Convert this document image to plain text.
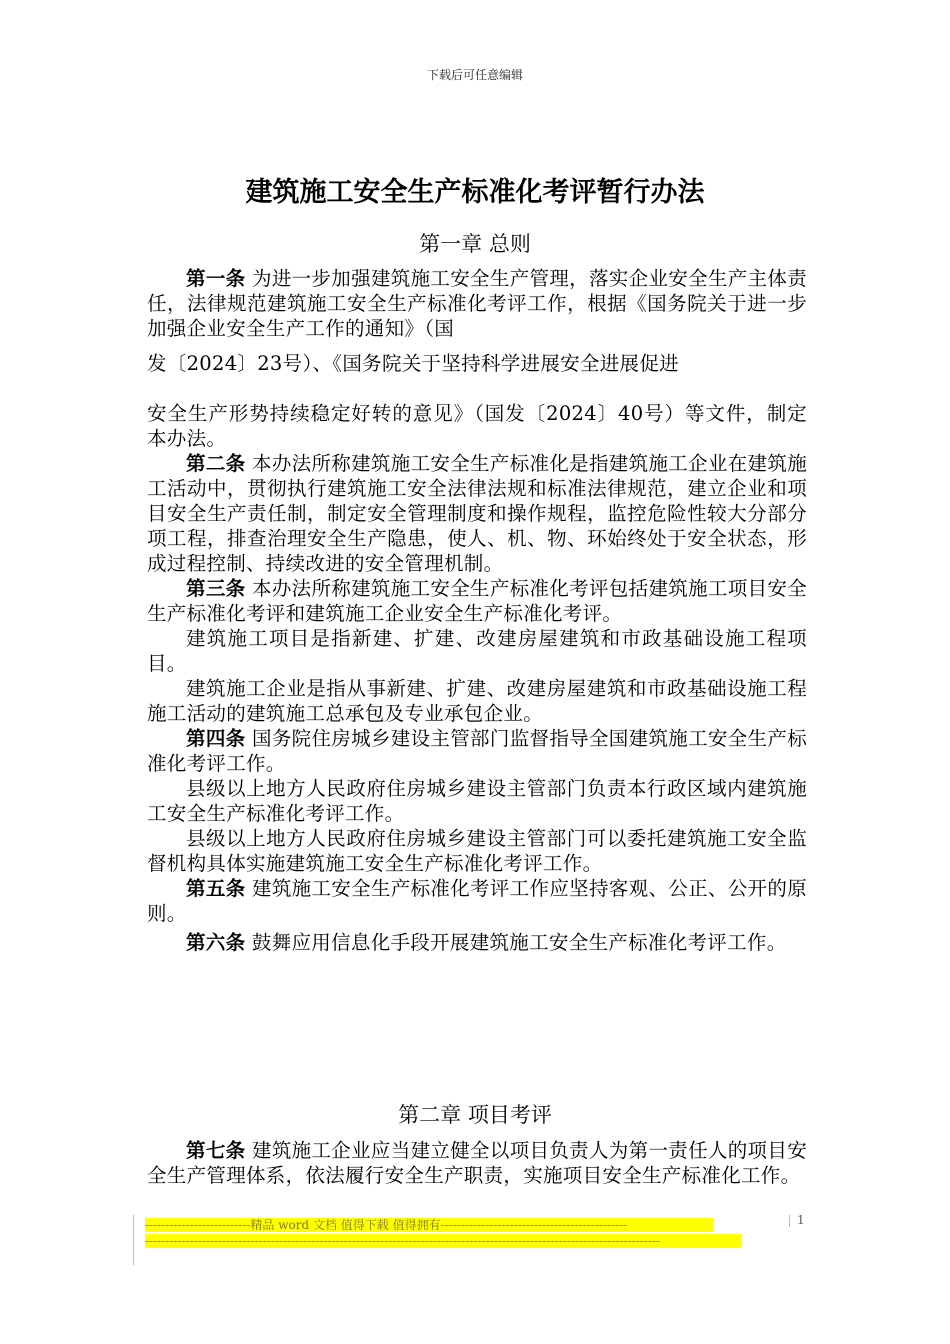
下载后可任意编辑
建筑施工安全生产标准化考评暂行办法
第一章 总则

第一条 为进一步加强建筑施工安全生产管理，落实企业安全生产主体责任，法律规范建筑施工安全生产标准化考评工作，根据《国务院关于进一步加强企业安全生产工作的通知》（国

发〔2024〕23号）、《国务院关于坚持科学进展安全进展促进

安全生产形势持续稳定好转的意见》（国发〔2024〕40号）等文件，制定本办法。

第二条 本办法所称建筑施工安全生产标准化是指建筑施工企业在建筑施工活动中，贯彻执行建筑施工安全法律法规和标准法律规范，建立企业和项目安全生产责任制，制定安全管理制度和操作规程，监控危险性较大分部分项工程，排查治理安全生产隐患，使人、机、物、环始终处于安全状态，形成过程控制、持续改进的安全管理机制。

第三条 本办法所称建筑施工安全生产标准化考评包括建筑施工项目安全生产标准化考评和建筑施工企业安全生产标准化考评。

建筑施工项目是指新建、扩建、改建房屋建筑和市政基础设施工程项目。

建筑施工企业是指从事新建、扩建、改建房屋建筑和市政基础设施工程施工活动的建筑施工总承包及专业承包企业。

第四条 国务院住房城乡建设主管部门监督指导全国建筑施工安全生产标准化考评工作。

县级以上地方人民政府住房城乡建设主管部门负责本行政区域内建筑施工安全生产标准化考评工作。

县级以上地方人民政府住房城乡建设主管部门可以委托建筑施工安全监督机构具体实施建筑施工安全生产标准化考评工作。

第五条 建筑施工安全生产标准化考评工作应坚持客观、公正、公开的原则。

第六条 鼓舞应用信息化手段开展建筑施工安全生产标准化考评工作。

第二章 项目考评

第七条 建筑施工企业应当建立健全以项目负责人为第一责任人的项目安全生产管理体系，依法履行安全生产职责，实施项目安全生产标准化工作。

--------------------------精品 word 文档 值得下载 值得拥有----------------------------------------------
-------------------------------------------------------------------------------------------------------------------------------
1
